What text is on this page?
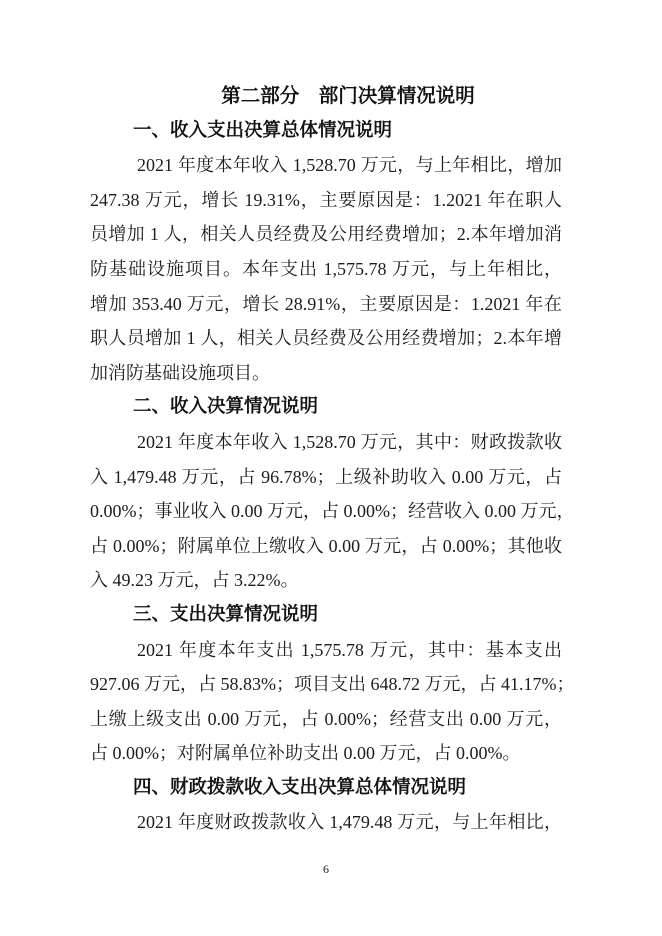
第二部分　部门决算情况说明
一、收入支出决算总体情况说明
2021 年度本年收入 1,528.70 万元，与上年相比，增加
247.38 万元，增长 19.31%，主要原因是：1.2021 年在职人
员增加 1 人，相关人员经费及公用经费增加；2.本年增加消
防基础设施项目。本年支出 1,575.78 万元，与上年相比，
增加 353.40 万元，增长 28.91%，主要原因是：1.2021 年在
职人员增加 1 人，相关人员经费及公用经费增加；2.本年增
加消防基础设施项目。
二、收入决算情况说明
2021 年度本年收入 1,528.70 万元，其中：财政拨款收
入 1,479.48 万元，占 96.78%；上级补助收入 0.00 万元，占
0.00%；事业收入 0.00 万元，占 0.00%；经营收入 0.00 万元，
占 0.00%；附属单位上缴收入 0.00 万元，占 0.00%；其他收
入 49.23 万元，占 3.22%。
三、支出决算情况说明
2021 年度本年支出 1,575.78 万元，其中：基本支出
927.06 万元，占 58.83%；项目支出 648.72 万元，占 41.17%；
上缴上级支出 0.00 万元，占 0.00%；经营支出 0.00 万元，
占 0.00%；对附属单位补助支出 0.00 万元，占 0.00%。
四、财政拨款收入支出决算总体情况说明
2021 年度财政拨款收入 1,479.48 万元，与上年相比，
6
